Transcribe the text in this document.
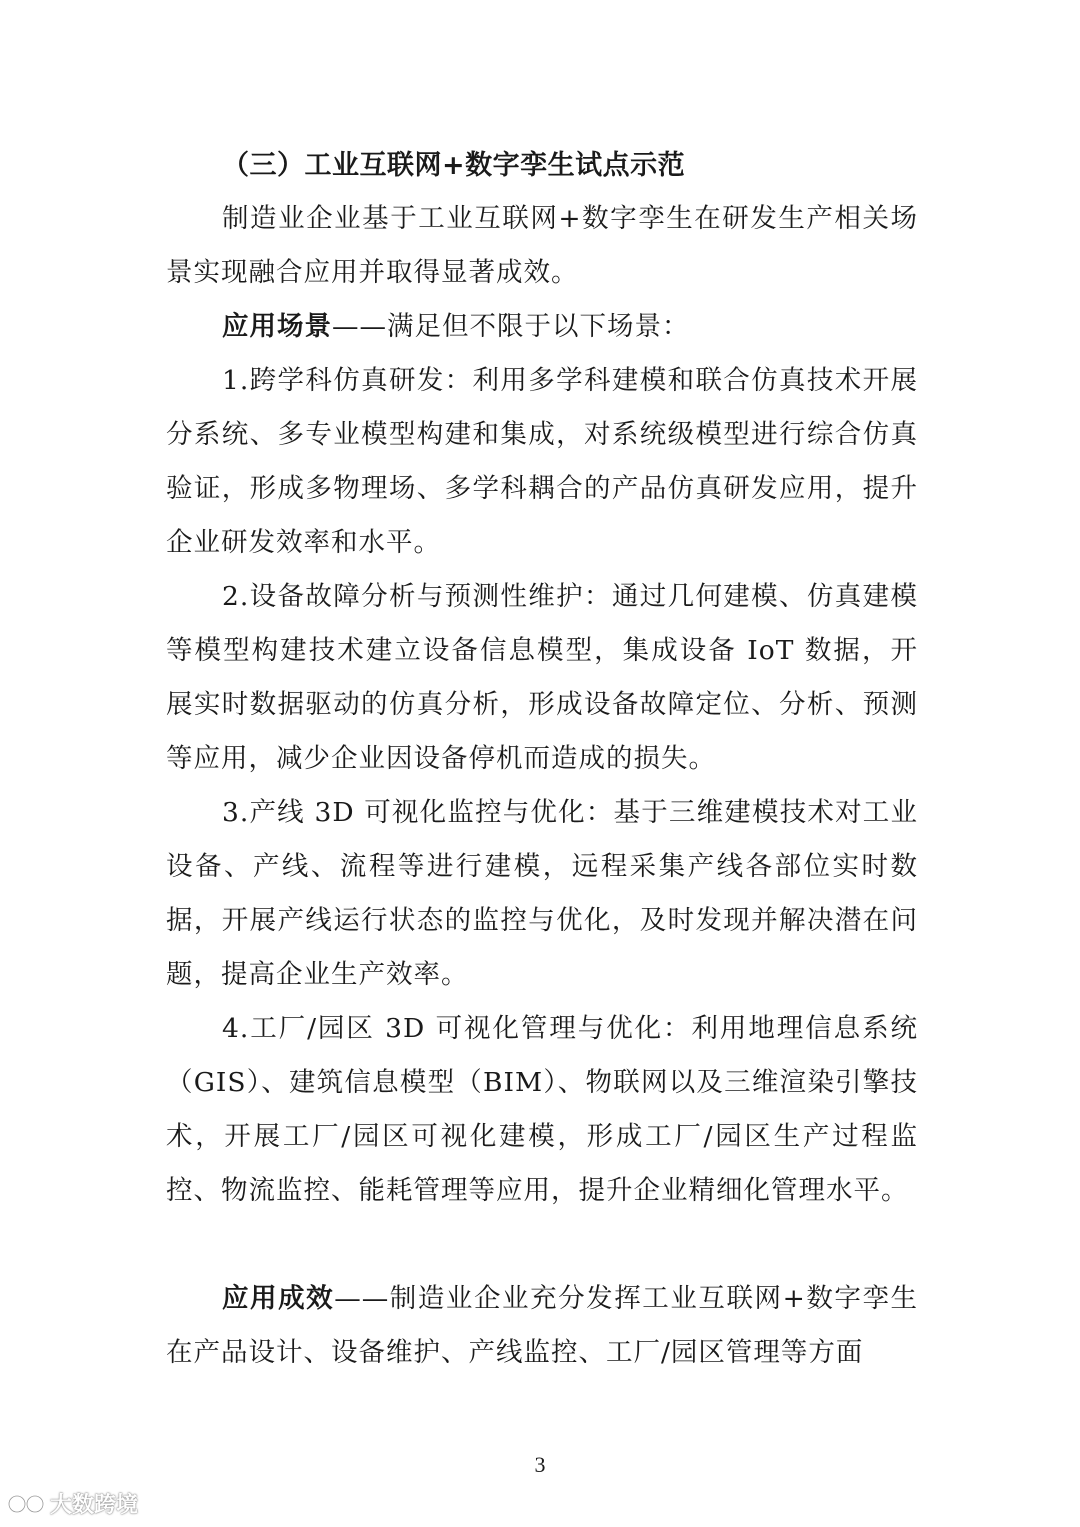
（三）工业互联网+数字孪生试点示范

制造业企业基于工业互联网+数字孪生在研发生产相关场景实现融合应用并取得显著成效。

应用场景——满足但不限于以下场景：

1.跨学科仿真研发：利用多学科建模和联合仿真技术开展分系统、多专业模型构建和集成，对系统级模型进行综合仿真验证，形成多物理场、多学科耦合的产品仿真研发应用，提升企业研发效率和水平。

2.设备故障分析与预测性维护：通过几何建模、仿真建模等模型构建技术建立设备信息模型，集成设备 IoT 数据，开展实时数据驱动的仿真分析，形成设备故障定位、分析、预测等应用，减少企业因设备停机而造成的损失。

3.产线 3D 可视化监控与优化：基于三维建模技术对工业设备、产线、流程等进行建模，远程采集产线各部位实时数据，开展产线运行状态的监控与优化，及时发现并解决潜在问题，提高企业生产效率。

4.工厂/园区 3D 可视化管理与优化：利用地理信息系统（GIS）、建筑信息模型（BIM）、物联网以及三维渲染引擎技术，开展工厂/园区可视化建模，形成工厂/园区生产过程监控、物流监控、能耗管理等应用，提升企业精细化管理水平。

应用成效——制造业企业充分发挥工业互联网+数字孪生在产品设计、设备维护、产线监控、工厂/园区管理等方面

3
大数跨境
